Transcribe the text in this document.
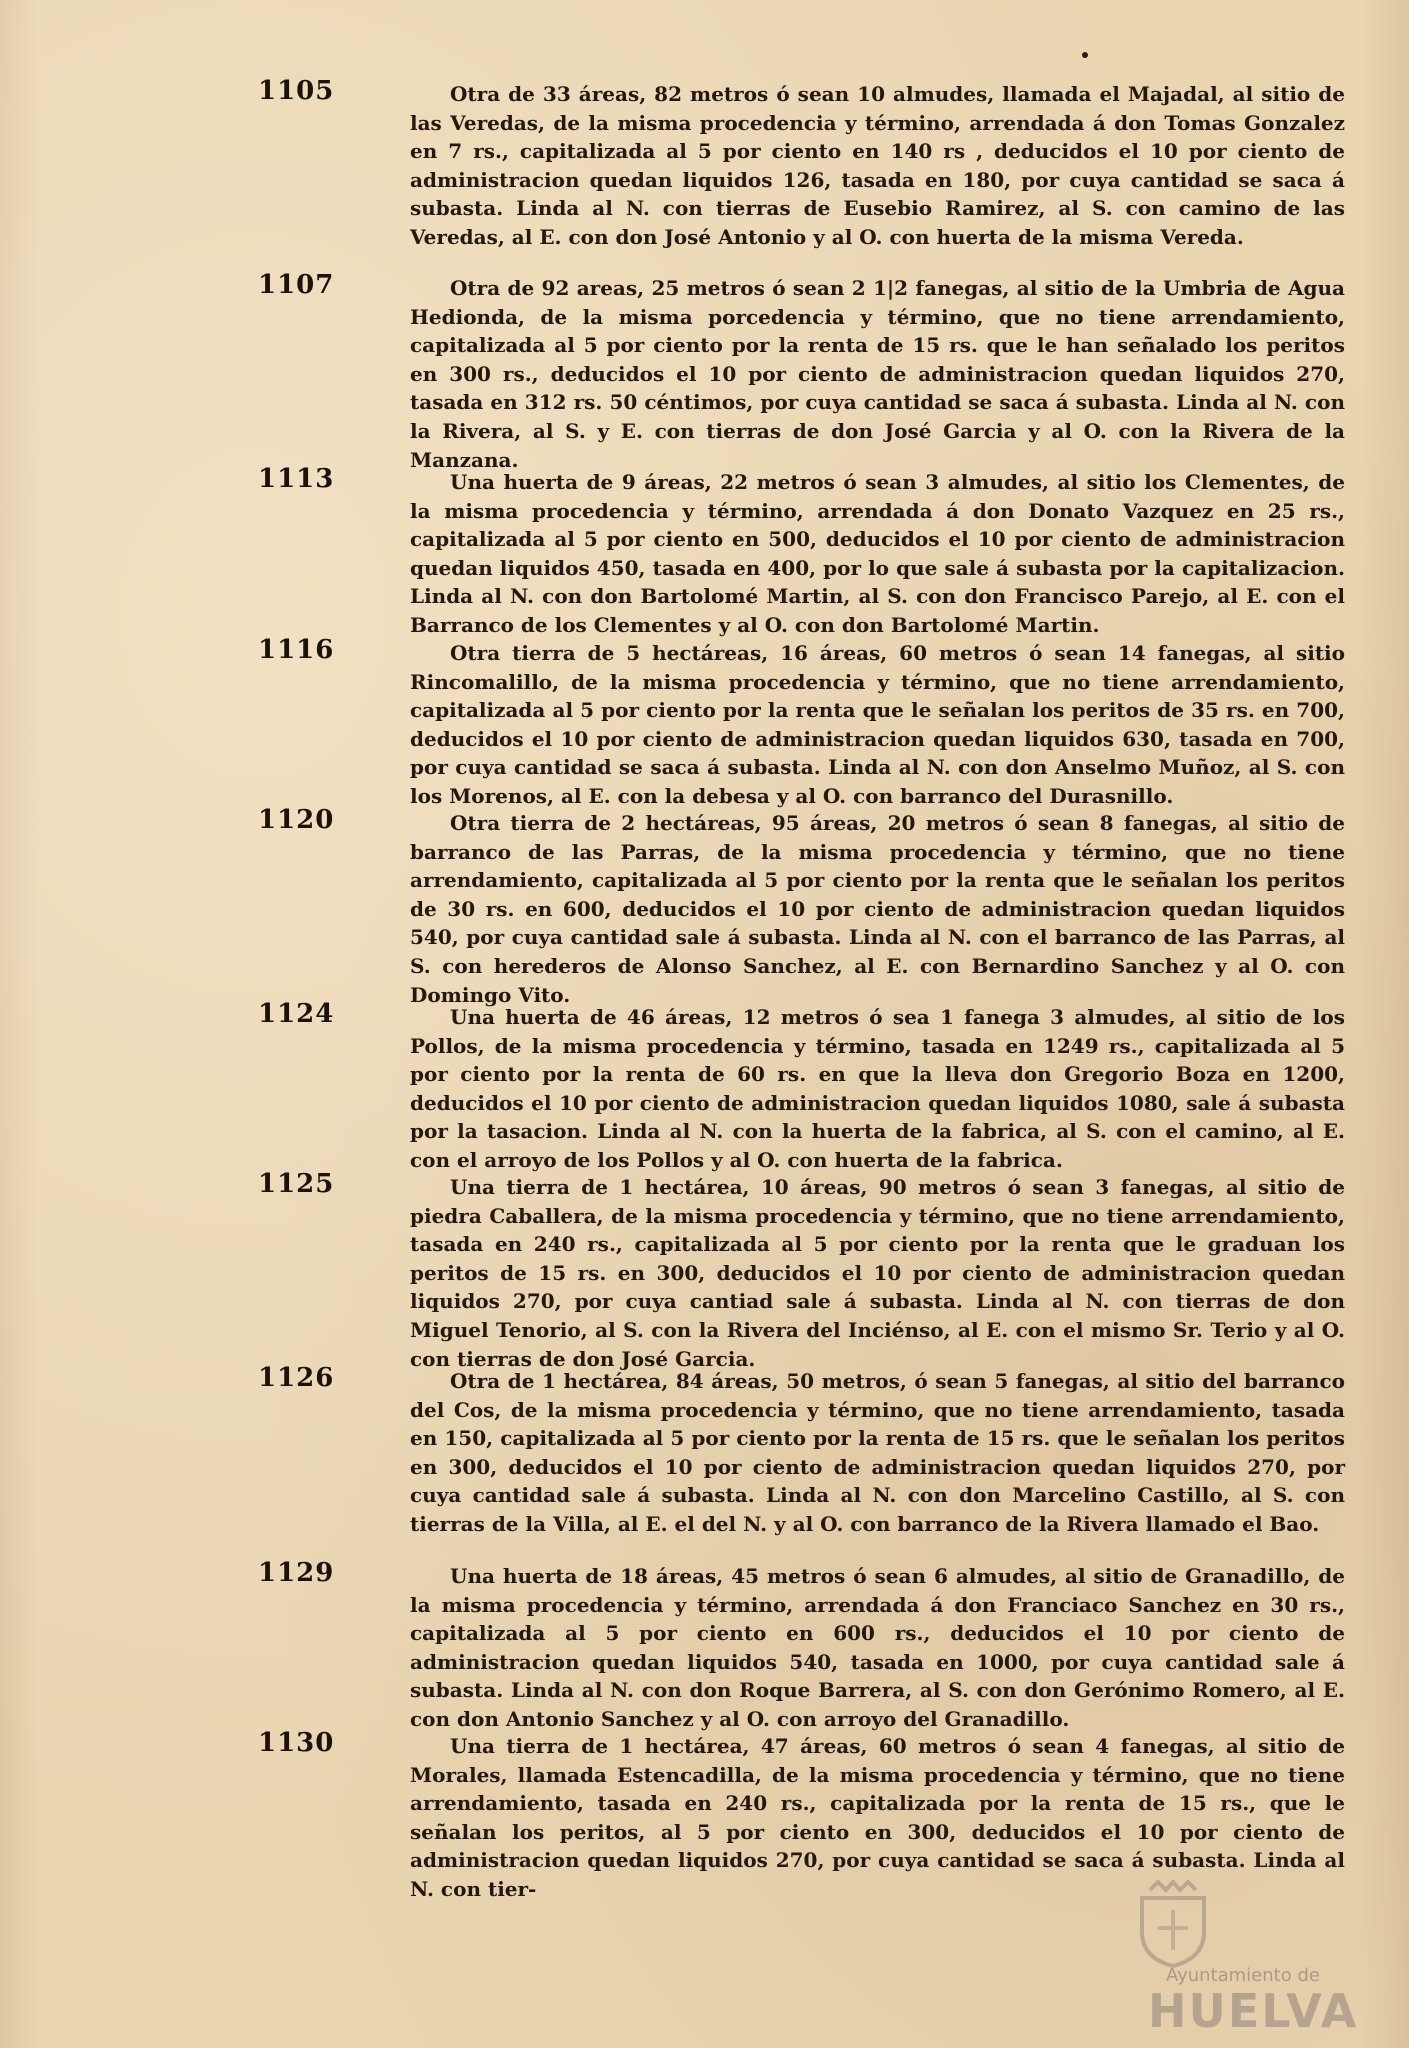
1105	Otra de 33 áreas, 82 metros ó sean 10 almudes, llamada el Majadal, al sitio de las Veredas, de la misma procedencia y término, arrendada á don Tomas Gonzalez en 7 rs., capitalizada al 5 por ciento en 140 rs , deducidos el 10 por ciento de administracion quedan liquidos 126, tasada en 180, por cuya cantidad se saca á subasta. Linda al N. con tierras de Eusebio Ramirez, al S. con camino de las Veredas, al E. con don José Antonio y al O. con huerta de la misma Vereda.
1107	Otra de 92 areas, 25 metros ó sean 2 1|2 fanegas, al sitio de la Umbria de Agua Hedionda, de la misma porcedencia y término, que no tiene arrendamiento, capitalizada al 5 por ciento por la renta de 15 rs. que le han señalado los peritos en 300 rs., deducidos el 10 por ciento de administracion quedan liquidos 270, tasada en 312 rs. 50 céntimos, por cuya cantidad se saca á subasta. Linda al N. con la Rivera, al S. y E. con tierras de don José Garcia y al O. con la Rivera de la Manzana.
1113	Una huerta de 9 áreas, 22 metros ó sean 3 almudes, al sitio los Clementes, de la misma procedencia y término, arrendada á don Donato Vazquez en 25 rs., capitalizada al 5 por ciento en 500, deducidos el 10 por ciento de administracion quedan liquidos 450, tasada en 400, por lo que sale á subasta por la capitalizacion. Linda al N. con don Bartolomé Martin, al S. con don Francisco Parejo, al E. con el Barranco de los Clementes y al O. con don Bartolomé Martin.
1116	Otra tierra de 5 hectáreas, 16 áreas, 60 metros ó sean 14 fanegas, al sitio Rincomalillo, de la misma procedencia y término, que no tiene arrendamiento, capitalizada al 5 por ciento por la renta que le señalan los peritos de 35 rs. en 700, deducidos el 10 por ciento de administracion quedan liquidos 630, tasada en 700, por cuya cantidad se saca á subasta. Linda al N. con don Anselmo Muñoz, al S. con los Morenos, al E. con la debesa y al O. con barranco del Durasnillo.
1120	Otra tierra de 2 hectáreas, 95 áreas, 20 metros ó sean 8 fanegas, al sitio de barranco de las Parras, de la misma procedencia y término, que no tiene arrendamiento, capitalizada al 5 por ciento por la renta que le señalan los peritos de 30 rs. en 600, deducidos el 10 por ciento de administracion quedan liquidos 540, por cuya cantidad sale á subasta. Linda al N. con el barranco de las Parras, al S. con herederos de Alonso Sanchez, al E. con Bernardino Sanchez y al O. con Domingo Vito.
1124	Una huerta de 46 áreas, 12 metros ó sea 1 fanega 3 almudes, al sitio de los Pollos, de la misma procedencia y término, tasada en 1249 rs., capitalizada al 5 por ciento por la renta de 60 rs. en que la lleva don Gregorio Boza en 1200, deducidos el 10 por ciento de administracion quedan liquidos 1080, sale á subasta por la tasacion. Linda al N. con la huerta de la fabrica, al S. con el camino, al E. con el arroyo de los Pollos y al O. con huerta de la fabrica.
1125	Una tierra de 1 hectárea, 10 áreas, 90 metros ó sean 3 fanegas, al sitio de piedra Caballera, de la misma procedencia y término, que no tiene arrendamiento, tasada en 240 rs., capitalizada al 5 por ciento por la renta que le graduan los peritos de 15 rs. en 300, deducidos el 10 por ciento de administracion quedan liquidos 270, por cuya cantiad sale á subasta. Linda al N. con tierras de don Miguel Tenorio, al S. con la Rivera del Inciénso, al E. con el mismo Sr. Terio y al O. con tierras de don José Garcia.
1126	Otra de 1 hectárea, 84 áreas, 50 metros, ó sean 5 fanegas, al sitio del barranco del Cos, de la misma procedencia y término, que no tiene arrendamiento, tasada en 150, capitalizada al 5 por ciento por la renta de 15 rs. que le señalan los peritos en 300, deducidos el 10 por ciento de administracion quedan liquidos 270, por cuya cantidad sale á subasta. Linda al N. con don Marcelino Castillo, al S. con tierras de la Villa, al E. el del N. y al O. con barranco de la Rivera llamado el Bao.
1129	Una huerta de 18 áreas, 45 metros ó sean 6 almudes, al sitio de Granadillo, de la misma procedencia y término, arrendada á don Franciaco Sanchez en 30 rs., capitalizada al 5 por ciento en 600 rs., deducidos el 10 por ciento de administracion quedan liquidos 540, tasada en 1000, por cuya cantidad sale á subasta. Linda al N. con don Roque Barrera, al S. con don Gerónimo Romero, al E. con don Antonio Sanchez y al O. con arroyo del Granadillo.
1130	Una tierra de 1 hectárea, 47 áreas, 60 metros ó sean 4 fanegas, al sitio de Morales, llamada Estencadilla, de la misma procedencia y término, que no tiene arrendamiento, tasada en 240 rs., capitalizada por la renta de 15 rs., que le señalan los peritos, al 5 por ciento en 300, deducidos el 10 por ciento de administracion quedan liquidos 270, por cuya cantidad se saca á subasta. Linda al N. con tier-
Ayuntamiento de
HUELVA
